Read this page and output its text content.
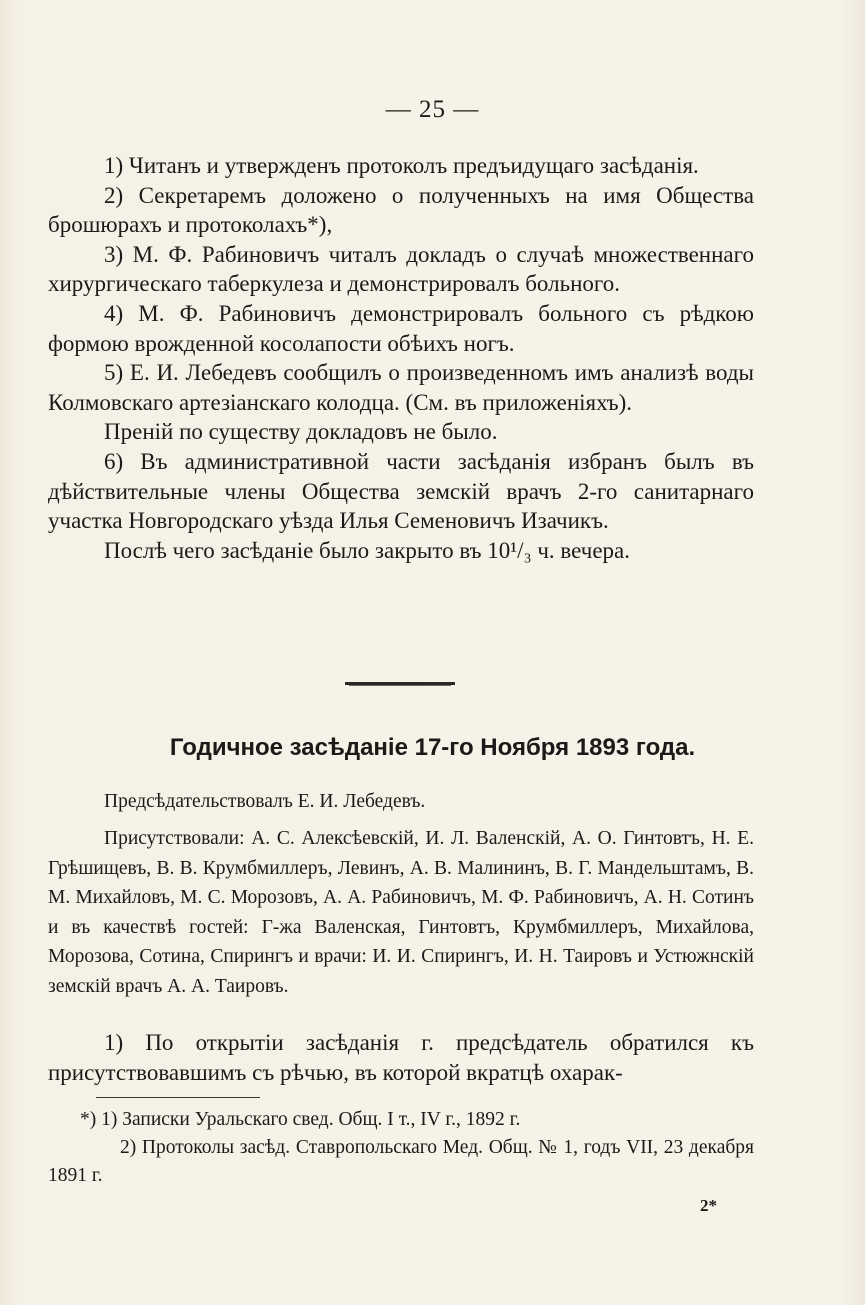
— 25 —

1) Читанъ и утвержденъ протоколъ предъидущаго засѣданія.

2) Секретаремъ доложено о полученныхъ на имя Общества брошюрахъ и протоколахъ*),

3) М. Ф. Рабиновичъ читалъ докладъ о случаѣ множественнаго хирургическаго таберкулеза и демонстрировалъ больного.

4) М. Ф. Рабиновичъ демонстрировалъ больного съ рѣдкою формою врожденной косолапости обѣихъ ногъ.

5) Е. И. Лебедевъ сообщилъ о произведенномъ имъ анализѣ воды Колмовскаго артезіанскаго колодца. (См. въ приложеніяхъ).

Преній по существу докладовъ не было.

6) Въ административной части засѣданія избранъ былъ въ дѣйствительные члены Общества земскій врачъ 2-го санитарнаго участка Новгородскаго уѣзда Илья Семеновичъ Изачикъ.

Послѣ чего засѣданіе было закрыто въ 10¹/₃ ч. вечера.

Годичное засѣданіе 17-го Ноября 1893 года.

Предсѣдательствовалъ Е. И. Лебедевъ.

Присутствовали: А. С. Алексѣевскій, И. Л. Валенскій, А. О. Гинтовтъ, Н. Е. Грѣшищевъ, В. В. Крумбмиллеръ, Левинъ, А. В. Малининъ, В. Г. Мандельштамъ, В. М. Михайловъ, М. С. Морозовъ, А. А. Рабиновичъ, М. Ф. Рабиновичъ, А. Н. Сотинъ и въ качествѣ гостей: Г-жа Валенская, Гинтовтъ, Крумбмиллеръ, Михайлова, Морозова, Сотина, Спирингъ и врачи: И. И. Спирингъ, И. Н. Таировъ и Устюжнскій земскій врачъ А. А. Таировъ.

1) По открытіи засѣданія г. предсѣдатель обратился къ присутствовавшимъ съ рѣчью, въ которой вкратцѣ охарак-

*) 1) Записки Уральскаго свед. Общ. I т., IV г., 1892 г.

2) Протоколы засѣд. Ставропольскаго Мед. Общ. № 1, годъ VII, 23 декабря 1891 г.

2*
